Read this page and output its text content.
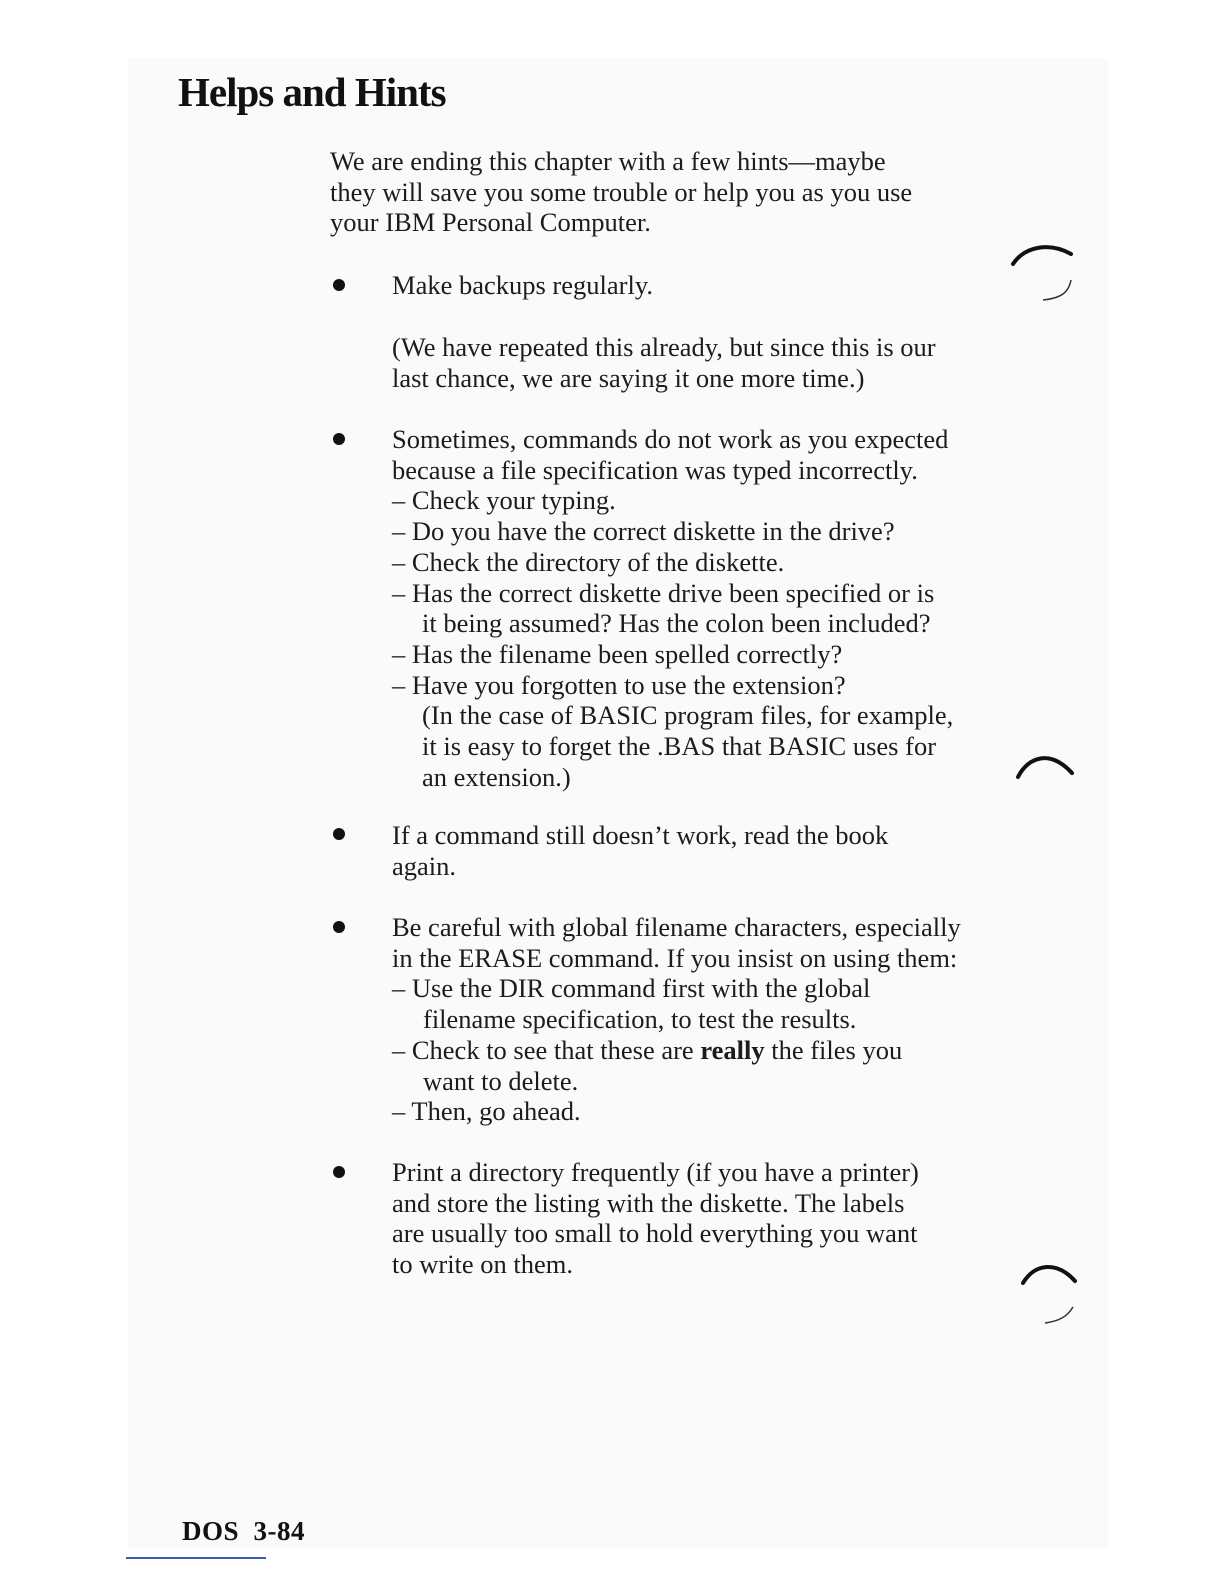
Helps and Hints
We are ending this chapter with a few hints—maybe
they will save you some trouble or help you as you use
your IBM Personal Computer.
Make backups regularly.
(We have repeated this already, but since this is our
last chance, we are saying it one more time.)
Sometimes, commands do not work as you expected
because a file specification was typed incorrectly.
– Check your typing.
– Do you have the correct diskette in the drive?
– Check the directory of the diskette.
– Has the correct diskette drive been specified or is
it being assumed? Has the colon been included?
– Has the filename been spelled correctly?
– Have you forgotten to use the extension?
(In the case of BASIC program files, for example,
it is easy to forget the .BAS that BASIC uses for
an extension.)
If a command still doesn’t work, read the book
again.
Be careful with global filename characters, especially
in the ERASE command. If you insist on using them:
– Use the DIR command first with the global
filename specification, to test the results.
– Check to see that these are really the files you
want to delete.
– Then, go ahead.
Print a directory frequently (if you have a printer)
and store the listing with the diskette. The labels
are usually too small to hold everything you want
to write on them.

DOS  3-84
